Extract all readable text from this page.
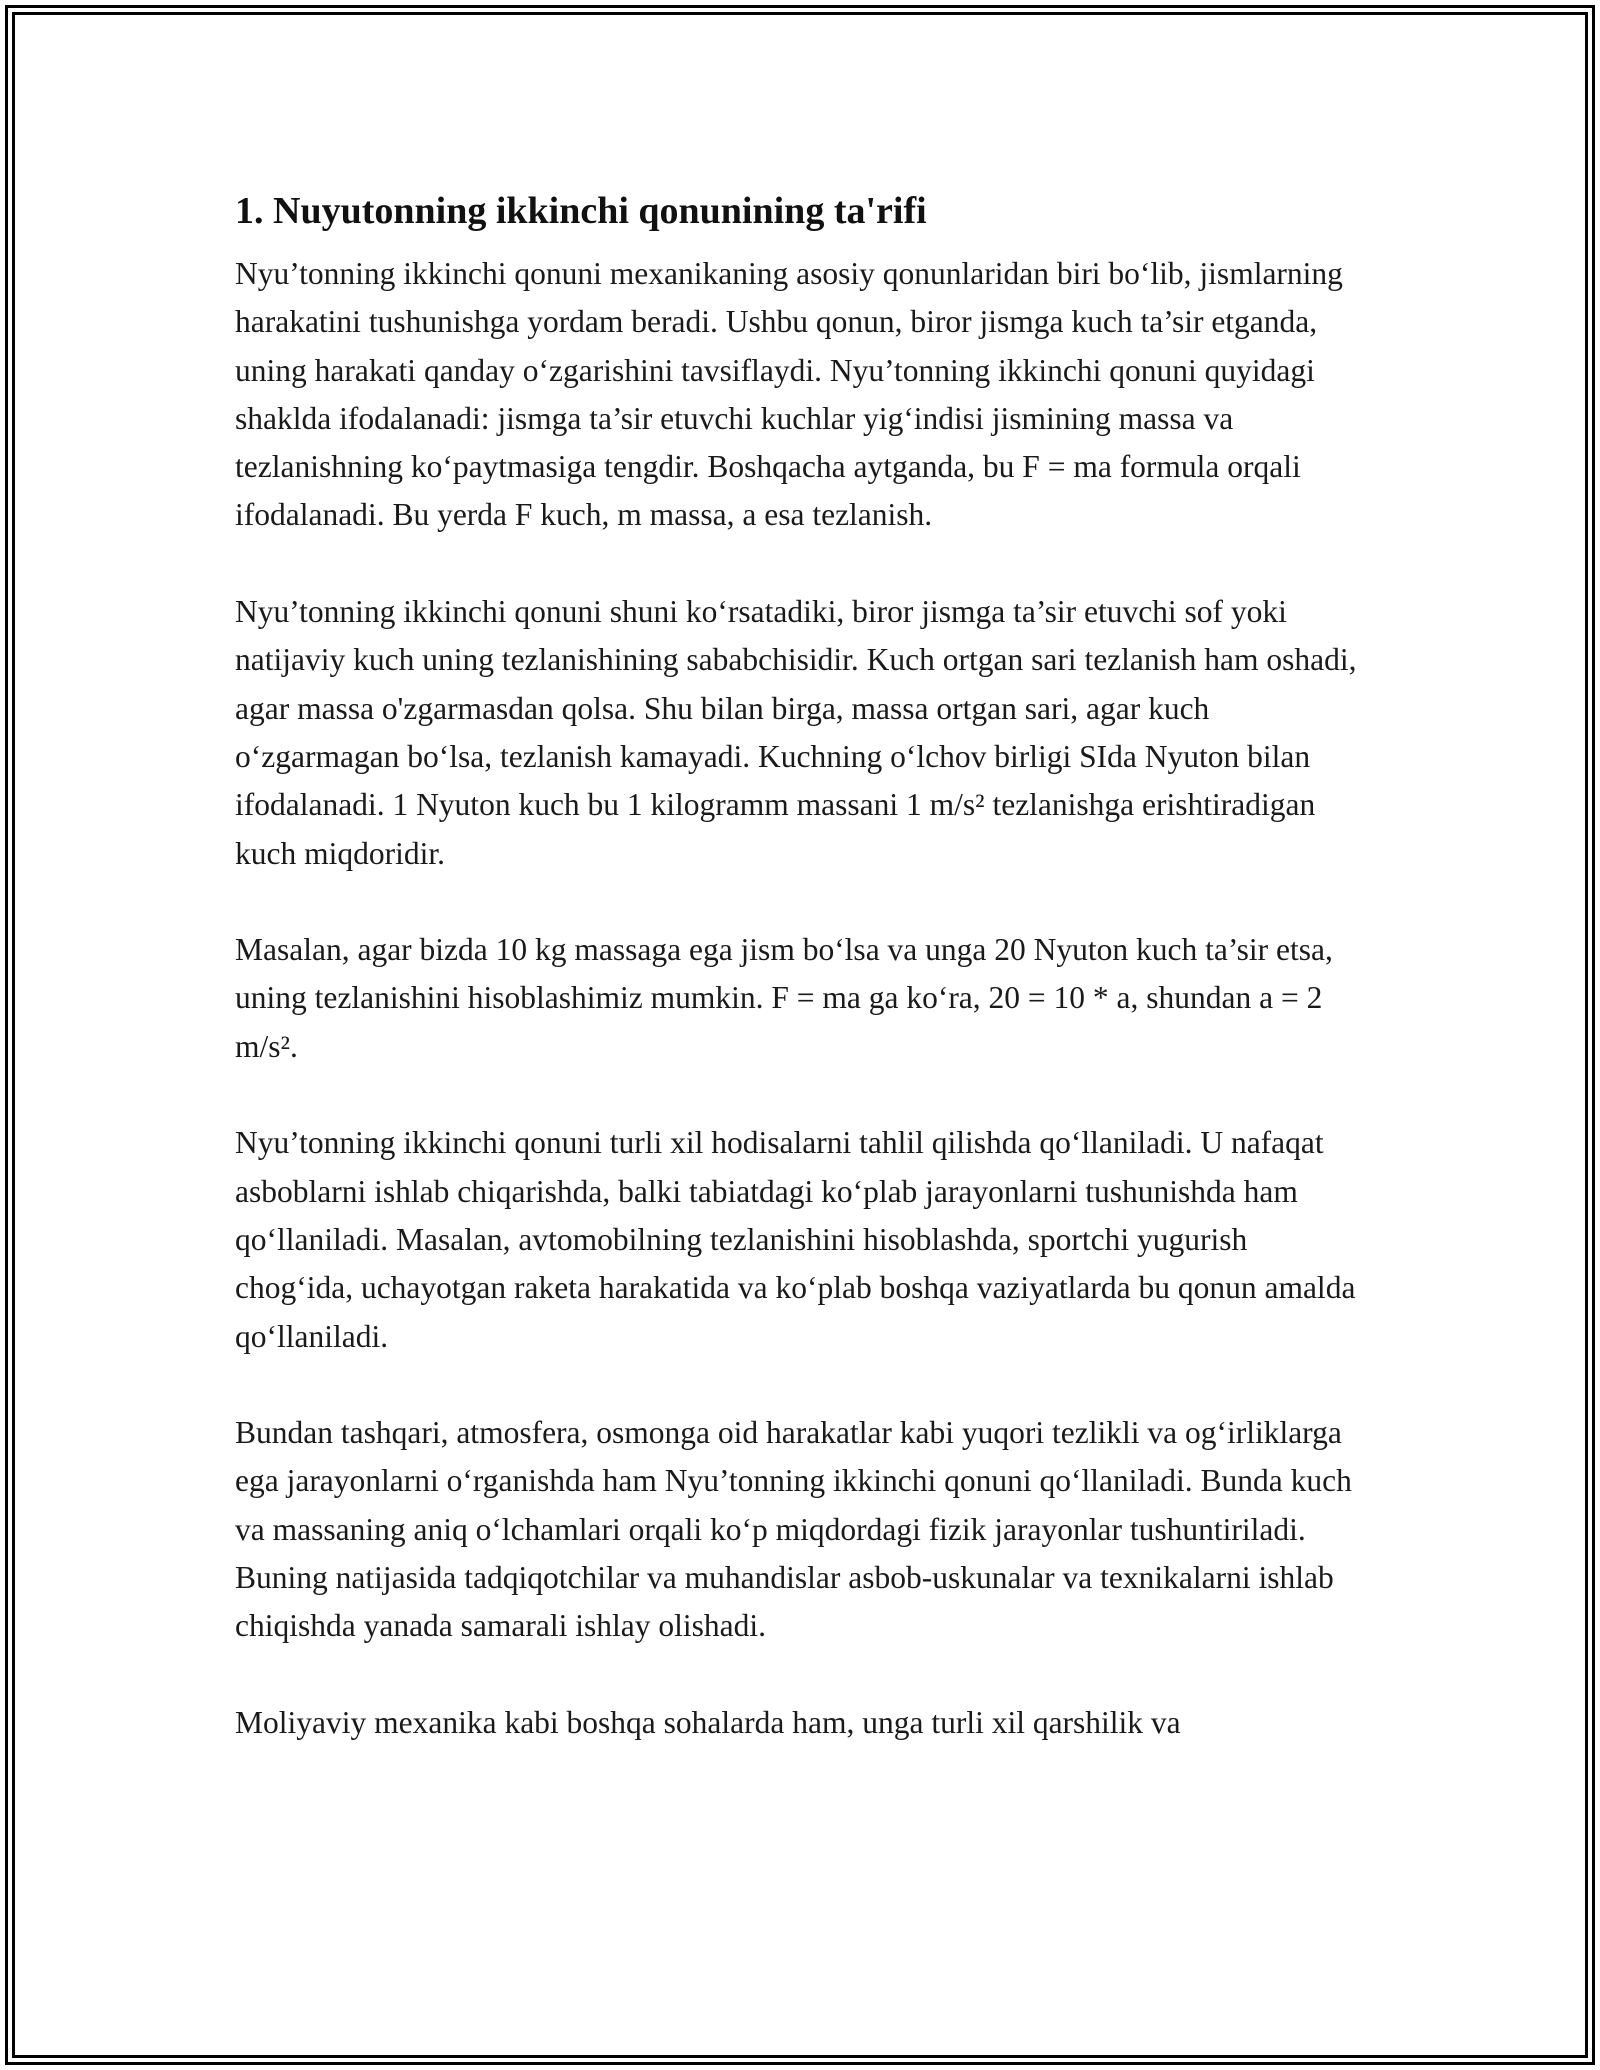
1. Nuyutonning ikkinchi qonunining ta'rifi

Nyu’tonning ikkinchi qonuni mexanikaning asosiy qonunlaridan biri bo‘lib, jismlarning harakatini tushunishga yordam beradi. Ushbu qonun, biror jismga kuch ta’sir etganda, uning harakati qanday o‘zgarishini tavsiflaydi. Nyu’tonning ikkinchi qonuni quyidagi shaklda ifodalanadi: jismga ta’sir etuvchi kuchlar yig‘indisi jismining massa va tezlanishning ko‘paytmasiga tengdir. Boshqacha aytganda, bu F = ma formula orqali ifodalanadi. Bu yerda F kuch, m massa, a esa tezlanish.

Nyu’tonning ikkinchi qonuni shuni ko‘rsatadiki, biror jismga ta’sir etuvchi sof yoki natijaviy kuch uning tezlanishining sababchisidir. Kuch ortgan sari tezlanish ham oshadi, agar massa o'zgarmasdan qolsa. Shu bilan birga, massa ortgan sari, agar kuch o‘zgarmagan bo‘lsa, tezlanish kamayadi. Kuchning o‘lchov birligi SIda Nyuton bilan ifodalanadi. 1 Nyuton kuch bu 1 kilogramm massani 1 m/s² tezlanishga erishtiradigan kuch miqdoridir.

Masalan, agar bizda 10 kg massaga ega jism bo‘lsa va unga 20 Nyuton kuch ta’sir etsa, uning tezlanishini hisoblashimiz mumkin. F = ma ga ko‘ra, 20 = 10 * a, shundan a = 2 m/s².

Nyu’tonning ikkinchi qonuni turli xil hodisalarni tahlil qilishda qo‘llaniladi. U nafaqat asboblarni ishlab chiqarishda, balki tabiatdagi ko‘plab jarayonlarni tushunishda ham qo‘llaniladi. Masalan, avtomobilning tezlanishini hisoblashda, sportchi yugurish chog‘ida, uchayotgan raketa harakatida va ko‘plab boshqa vaziyatlarda bu qonun amalda qo‘llaniladi.

Bundan tashqari, atmosfera, osmonga oid harakatlar kabi yuqori tezlikli va og‘irliklarga ega jarayonlarni o‘rganishda ham Nyu’tonning ikkinchi qonuni qo‘llaniladi. Bunda kuch va massaning aniq o‘lchamlari orqali ko‘p miqdordagi fizik jarayonlar tushuntiriladi. Buning natijasida tadqiqotchilar va muhandislar asbob-uskunalar va texnikalarni ishlab chiqishda yanada samarali ishlay olishadi.

Moliyaviy mexanika kabi boshqa sohalarda ham, unga turli xil qarshilik va
